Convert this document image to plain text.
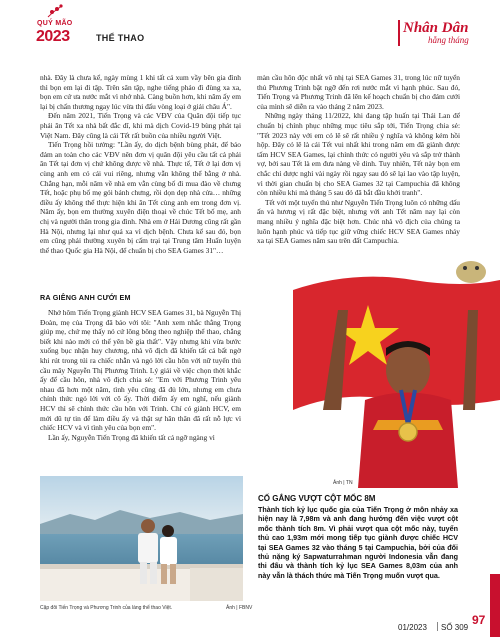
QUÝ MÃO
2023	THỂ THAO
Nhân Dân
hằng tháng

nhà. Đây là chưa kể, ngày mùng 1 khi tất cả xum vầy bên gia đình thì bọn em lại đi tập. Trên sân tập, nghe tiếng pháo đì đùng xa xa, bọn em cứ ưa nước mắt vì nhớ nhà. Càng buồn hơn, khi năm ấy em lại bị chấn thương ngay lúc vừa thi đấu vòng loại ở giải châu Á".

Đến năm 2021, Tiến Trọng và các VĐV của Quân đội tiếp tục phải ăn Tết xa nhà bất đắc dĩ, khi mà dịch Covid-19 bùng phát tại Việt Nam. Đây cũng là cái Tết rất buồn của nhiều người Việt.

Tiến Trọng hồi tưởng: "Lần ấy, do dịch bệnh bùng phát, để bảo đảm an toàn cho các VĐV nên đơn vị quân đội yêu cầu tất cả phải ăn Tết tại đơn vị chứ không được về nhà. Thực tế, Tết ở lại đơn vị cùng anh em có cái vui riêng, nhưng vẫn không thể bằng ở nhà. Chẳng hạn, mỗi năm về nhà em vẫn cùng bố đi mua đào về chưng Tết, hoặc phụ bố mẹ gói bánh chưng, rồi dọn dẹp nhà cửa… những điều ấy không thể thực hiện khi ăn Tết cùng anh em trong đơn vị. Năm ấy, bọn em thường xuyên điện thoại về chúc Tết bố mẹ, anh chị và người thân trong gia đình. Nhà em ở Hải Dương cũng rất gần Hà Nội, nhưng lại như quá xa vì dịch bệnh. Chưa kể sau đó, bọn em cũng phải thường xuyên bị cấm trại tại Trung tâm Huấn luyện thể thao Quốc gia Hà Nội, để chuẩn bị cho SEA Games 31"…

RA GIÊNG ANH CƯỚI EM

Nhớ hôm Tiến Trọng giành HCV SEA Games 31, bà Nguyễn Thị Đoàn, mẹ của Trọng đã bảo với tôi: "Anh xem nhắc thằng Trọng giúp mẹ, chứ mẹ thấy nó cứ lông bông theo nghiệp thể thao, chẳng biết khi nào mới có thể yên bề gia thất". Vậy nhưng khi vừa bước xuống bục nhận huy chương, nhà vô địch đã khiến tất cả bất ngờ khi rút trong túi ra chiếc nhẫn và ngỏ lời cầu hôn với nữ tuyển thủ cầu mây Nguyễn Thị Phương Trinh. Lý giải về việc chọn thời khắc ấy để cầu hôn, nhà vô địch chia sẻ: "Em với Phương Trinh yêu nhau đã hơn một năm, tình yêu cũng đã đủ lớn, nhưng em chưa chính thức ngỏ lời với cô ấy. Thời điểm ấy em nghĩ, nếu giành HCV thì sẽ chính thức cầu hôn với Trinh. Chí có giành HCV, em mới dũ tự tin để làm điều ấy và thật sự hãn thân đã rất nỗ lực vì chiếc HCV và vì tình yêu của bọn em".

Lần ấy, Nguyễn Tiến Trọng đã khiến tất cả ngỡ ngàng vì

màn cầu hôn độc nhất vô nhị tại SEA Games 31, trong lúc nữ tuyển thủ Phương Trinh bật ngỡ đến rơi nước mắt vì hạnh phúc. Sau đó, Tiến Trọng và Phương Trinh đã lên kế hoạch chuẩn bị cho đám cưới của mình sẽ diễn ra vào tháng 2 năm 2023.

Những ngày tháng 11/2022, khi đang tập huấn tại Thái Lan để chuẩn bị chính phục những mục tiêu sắp tới, Tiến Trọng chia sẻ: "Tết 2023 này với em có lẽ sẽ rất nhiều ý nghĩa và không kém hồi hộp. Đây có lẽ là cái Tết vui nhất khi trong năm em đã giành được tấm HCV SEA Games, lại chính thức có người yêu và sắp trở thành vợ, bởi sau Tết là em đưa nàng về dinh. Tuy nhiên, Tết này bọn em chắc chỉ được nghỉ vài ngày rồi ngay sau đó sẽ lại lao vào tập luyện, vì thời gian chuẩn bị cho SEA Games 32 tại Campuchia đã không còn nhiều khi mà tháng 5 sau đó đã bắt đầu khởi tranh".

Tết với một tuyển thủ như Nguyễn Tiến Trọng luôn có những dấu ấn và hương vị rất đặc biệt, nhưng với anh Tết năm nay lại còn mang nhiều ý nghĩa đặc biệt hơn. Chúc nhà vô địch của chúng ta luôn hạnh phúc và tiếp tục giữ vững chiếc HCV SEA Games nhảy xa tại SEA Games năm sau trên đất Campuchia.

Cặp đôi Tiến Trọng và Phương Trinh của làng thể thao Việt.	Ảnh | FBNV
Ảnh | TN
CỐ GẮNG VƯỢT CỘT MỐC 8M
Thành tích kỷ lục quốc gia của Tiến Trọng ở môn nhảy xa hiện nay là 7,98m và anh đang hướng đến việc vượt cột mốc thành tích 8m. Vì phải vượt qua cột mốc này, tuyển thủ cao 1,93m mới mong tiếp tục giành được chiếc HCV tại SEA Games 32 vào tháng 5 tại Campuchia, bởi của đối thủ nặng ký Sapwaturrahman người Indonesia vẫn đang thi đấu và thành tích kỷ lục SEA Games 8,03m của anh này vẫn là thách thức mà Tiến Trọng muốn vượt qua.
01/2023 SỐ 309
97
